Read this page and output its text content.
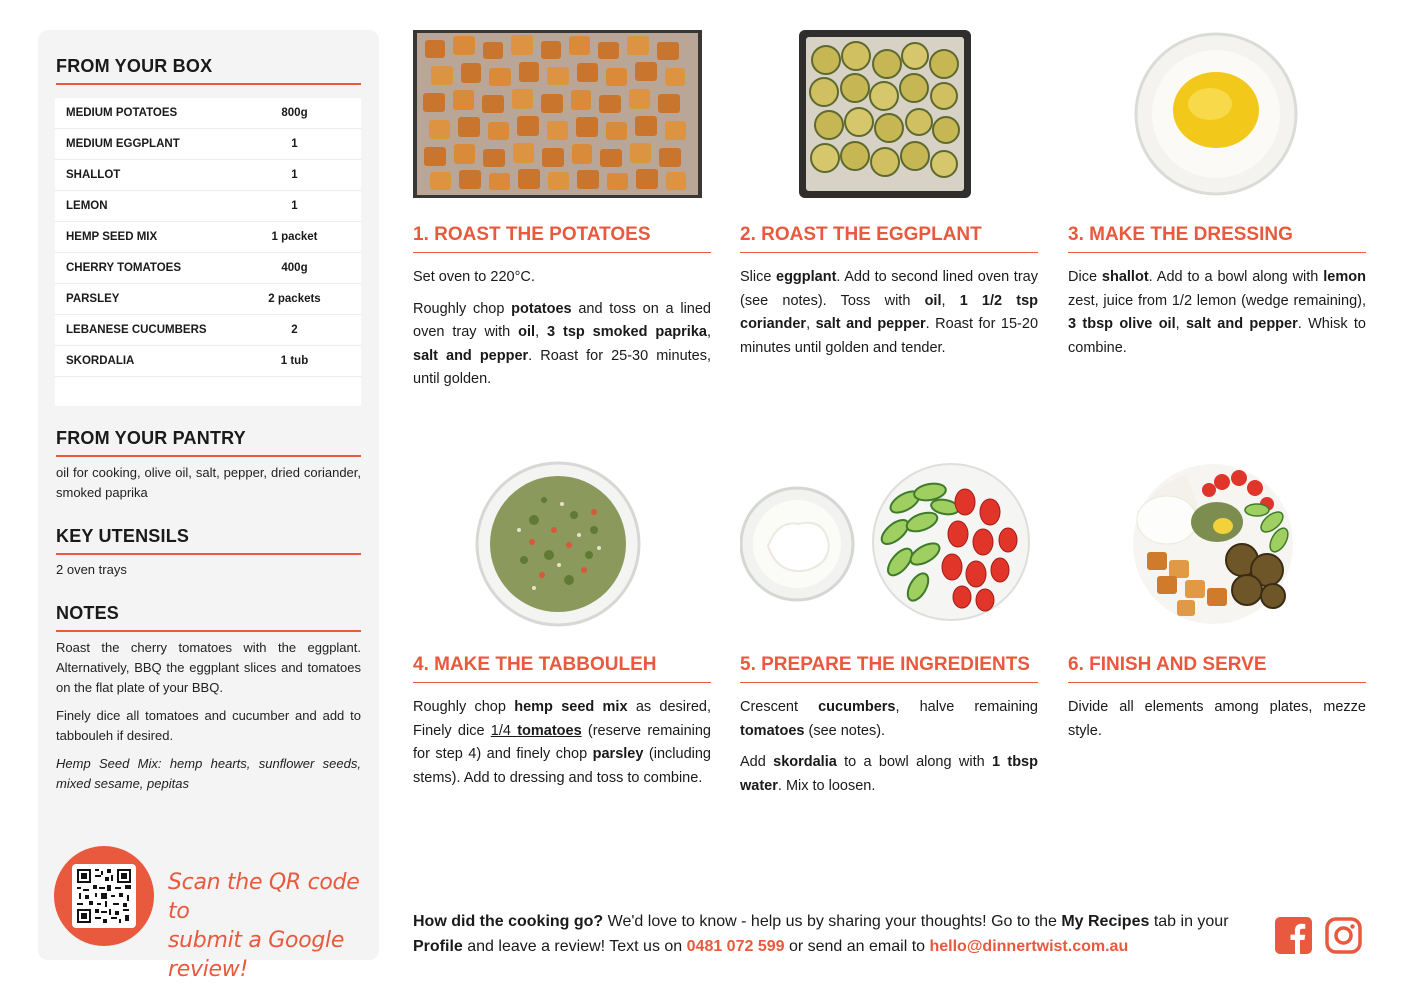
FROM YOUR BOX
MEDIUM POTATOES	800g
MEDIUM EGGPLANT	1
SHALLOT	1
LEMON	1
HEMP SEED MIX	1 packet
CHERRY TOMATOES	400g
PARSLEY	2 packets
LEBANESE CUCUMBERS	2
SKORDALIA	1 tub
FROM YOUR PANTRY
oil for cooking, olive oil, salt, pepper, dried coriander, smoked paprika
KEY UTENSILS
2 oven trays
NOTES

Roast the cherry tomatoes with the eggplant. Alternatively, BBQ the eggplant slices and tomatoes on the flat plate of your BBQ.

Finely dice all tomatoes and cucumber and add to tabbouleh if desired.

Hemp Seed Mix: hemp hearts, sunflower seeds, mixed sesame, pepitas

Scan the QR code to
submit a Google review!
1. ROAST THE POTATOES

Set oven to 220°C.

Roughly chop potatoes and toss on a lined oven tray with oil, 3 tsp smoked paprika, salt and pepper. Roast for 25-30 minutes, until golden.

2. ROAST THE EGGPLANT

Slice eggplant. Add to second lined oven tray (see notes). Toss with oil, 1 1/2 tsp coriander, salt and pepper. Roast for 15-20 minutes until golden and tender.

3. MAKE THE DRESSING

Dice shallot. Add to a bowl along with lemon zest, juice from 1/2 lemon (wedge remaining), 3 tbsp olive oil, salt and pepper. Whisk to combine.

4. MAKE THE TABBOULEH

Roughly chop hemp seed mix as desired, Finely dice 1/4 tomatoes (reserve remaining for step 4) and finely chop parsley (including stems). Add to dressing and toss to combine.

5. PREPARE THE INGREDIENTS

Crescent cucumbers, halve remaining tomatoes (see notes).

Add skordalia to a bowl along with 1 tbsp water. Mix to loosen.

6. FINISH AND SERVE

Divide all elements among plates, mezze style.

How did the cooking go? We'd love to know - help us by sharing your thoughts! Go to the My Recipes tab in your Profile and leave a review! Text us on 0481 072 599 or send an email to hello@dinnertwist.com.au
